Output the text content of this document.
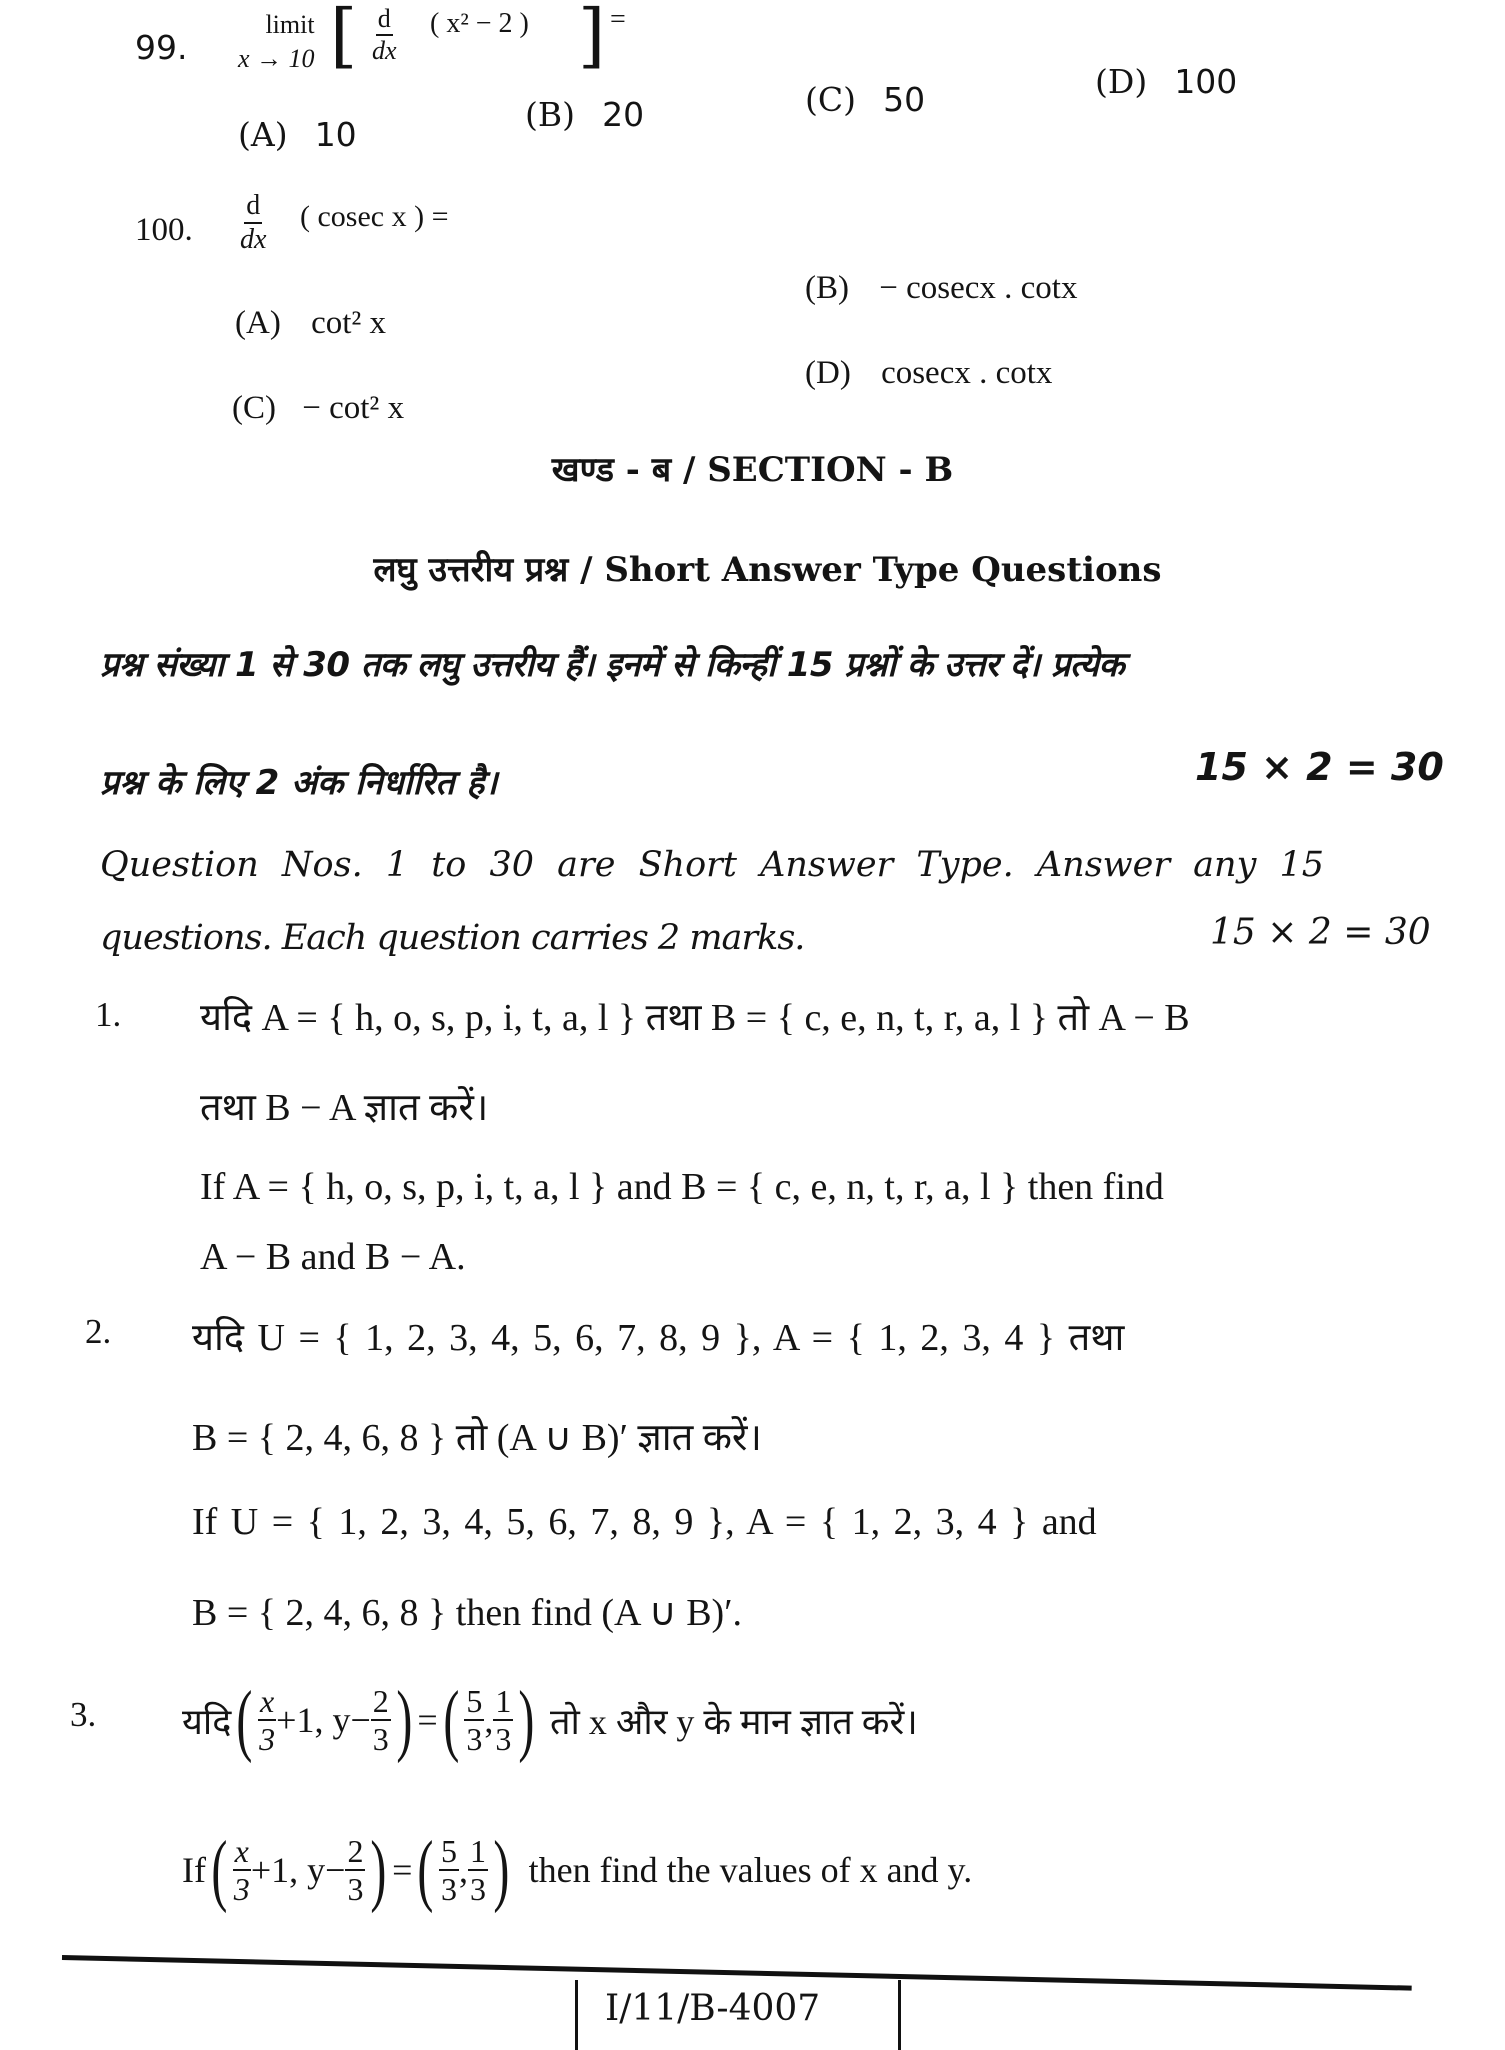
99.
limit
x → 10 [ $\frac{d}{dx}$ ( x² − 2 ) ] =
(A) 10
(B) 20	(C) 50	(D) 100
100. $\frac{d}{dx}$ ( cosec x ) =
(A) cot² x
(B) − cosecx . cotx
(C) − cot² x
(D) cosecx . cotx
खण्ड - ब / SECTION - B
लघु उत्तरीय प्रश्न / Short Answer Type Questions
प्रश्न संख्या 1 से 30 तक लघु उत्तरीय हैं। इनमें से किन्हीं 15 प्रश्नों के उत्तर दें। प्रत्येक
प्रश्न के लिए 2 अंक निर्धारित है।	15 × 2 = 30
Question Nos. 1 to 30 are Short Answer Type. Answer any 15
questions. Each question carries 2 marks.	15 × 2 = 30
1. यदि A = { h, o, s, p, i, t, a, l } तथा B = { c, e, n, t, r, a, l } तो A − B
तथा B − A ज्ञात करें।
If A = { h, o, s, p, i, t, a, l } and B = { c, e, n, t, r, a, l } then find
A − B and B − A.
2. यदि U = { 1, 2, 3, 4, 5, 6, 7, 8, 9 }, A = { 1, 2, 3, 4 } तथा
B = { 2, 4, 6, 8 } तो (A ∪ B)′ ज्ञात करें।
If U = { 1, 2, 3, 4, 5, 6, 7, 8, 9 }, A = { 1, 2, 3, 4 } and
B = { 2, 4, 6, 8 } then find (A ∪ B)′.
3. यदि ( $\frac{x}{3} +1$, $y- \frac{2}{3}$ ) = ( $\frac{5}{3}$ , $\frac{1}{3}$ ) तो x और y के मान ज्ञात करें।
If ( $\frac{x}{3} +1$, $y- \frac{2}{3}$ ) = ( $\frac{5}{3}$ , $\frac{1}{3}$ ) then find the values of x and y.
I/11/B-4007
